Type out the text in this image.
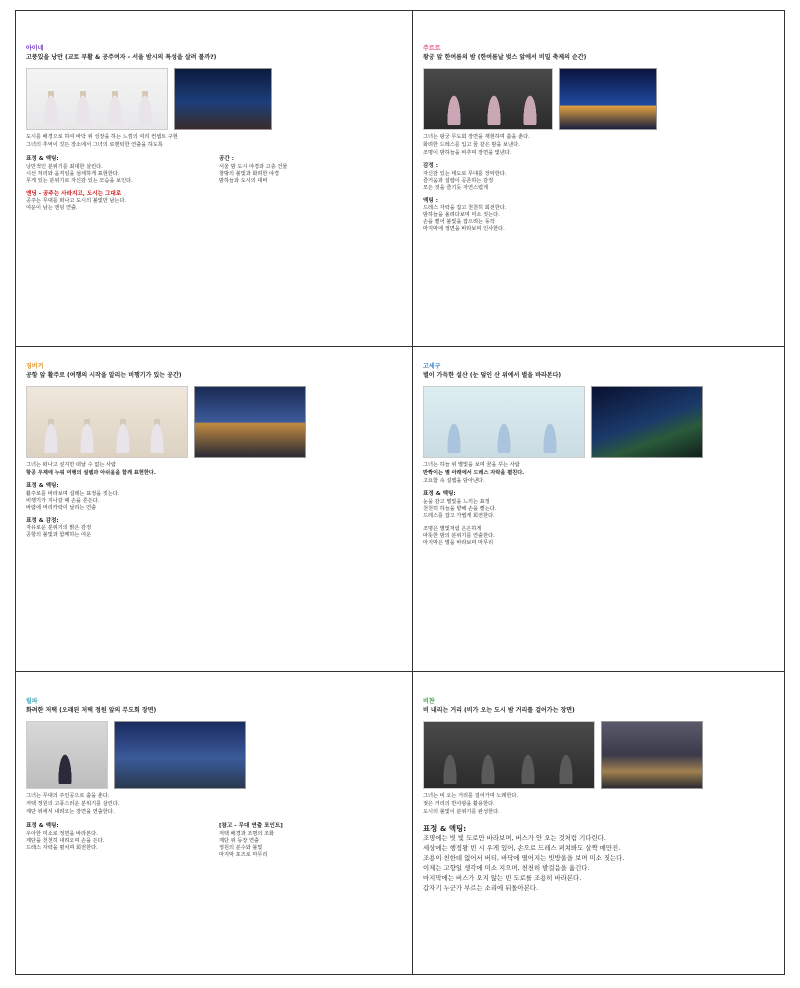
아이네
고풍있을 낭만 (교토 부활 & 공주여자 - 서울 밤시의 특성을 살려 볼까?)
도시를 배경으로 하여 바닥 위 성장을 하는 느낌의 여리 컨셉트 구현
그녀의 추억이 깃든 장소에서 그녀의 로맨틱한 연출을 하도록
표정 & 액팅:
낭만적인 분위기를 최대한 살린다.
시선 처리와 움직임을 섬세하게 표현한다.
무게 있는 분위기로 자신감 있는 모습을 보인다.
엔딩 - 공주는 사라지고, 도시는 그대로
공주는 무대를 떠나고 도시의 불빛만 남는다.
여운이 남는 엔딩 연출.
공간 :
서울 밤 도시 야경과 고층 건물
창밖의 불빛과 화려한 야경
밤하늘과 도시의 대비
주르르
왕궁 앞 한여름의 밤 (한여름날 벚스 앞에서 비밀 축제의 순간)
그녀는 왕궁 무도회 장면을 재현하며 춤을 춘다.
화려한 드레스를 입고 꿈 같은 밤을 보낸다.
조명이 밤하늘을 비추며 장면을 빛낸다.
감정 :
자신감 있는 태도로 무대를 장악한다.
즐거움과 설렘이 공존하는 감정
모든 것을 즐기듯 자연스럽게
액팅 :
드레스 자락을 잡고 천천히 회전한다.
밤하늘을 올려다보며 미소 짓는다.
손을 뻗어 불빛을 잡으려는 동작
마지막에 정면을 바라보며 인사한다.
징버거
공항 앞 활주로 (여행의 시작을 알리는 비행기가 있는 공간)
그녀는 떠나고 싶지만 떠날 수 없는 사람
항공 우제에 누워 여행의 설렘과 아쉬움을 함께 표현한다.
표정 & 액팅:
활주로를 바라보며 설레는 표정을 짓는다.
비행기가 지나갈 때 손을 흔든다.
바람에 머리카락이 날리는 연출
표정 & 감정:
자유로운 분위기의 밝은 감정
공항의 불빛과 함께하는 여운
고세구
별이 가득한 설산 (눈 덮인 산 위에서 별을 바라본다)
그녀는 하늘 위 별빛을 보며 꿈을 꾸는 사람
반짝이는 별 아래에서 드레스 자락을 펼친다.
고요함 속 설렘을 담아낸다.
표정 & 액팅:
눈을 감고 별빛을 느끼는 표정
천천히 하늘을 향해 손을 뻗는다.
드레스를 잡고 가볍게 회전한다.
조명은 별빛처럼 은은하게
따뜻한 밤의 분위기를 연출한다.
마지막은 별을 바라보며 마무리
릴파
화려한 저택 (오래된 저택 정원 앞의 무도회 장면)
그녀는 무대의 주인공으로 춤을 춘다.
저택 정원의 고풍스러운 분위기를 살린다.
계단 위에서 내려오는 장면을 연출한다.
표정 & 액팅:
우아한 미소로 정면을 바라본다.
계단을 천천히 내려오며 손을 든다.
드레스 자락을 펼치며 회전한다.
[참고 - 무대 연출 포인트]
저택 배경과 조명의 조화
계단 위 등장 연출
정원의 분수와 불빛
마지막 포즈로 마무리
비챤
비 내리는 거리 (비가 오는 도시 밤 거리를 걸어가는 장면)
그녀는 비 오는 거리를 걸어가며 노래한다.
젖은 거리의 반사광을 활용한다.
도시의 불빛이 분위기를 완성한다.
표정 & 액팅:
조명에는 빗 빛 도로만 바라보며, 버스가 안 오는 것처럼 기다린다.
세상에는 행정왕 빈 시 우게 있어, 손으로 드레스 펴쳐봐도 살짝 매만진.
조용이 친한데 없어서 버티, 바닥에 떨어지는 빗방울을 보며 미소 짓는다.
이제는 고향일 생각에 미소 지으며, 천천히 발걸음을 옮긴다.
마지막에는 버스가 오지 않는 빈 도로를 조용히 바라본다.
갑자기 누군가 부르는 소리에 뒤돌아본다.
